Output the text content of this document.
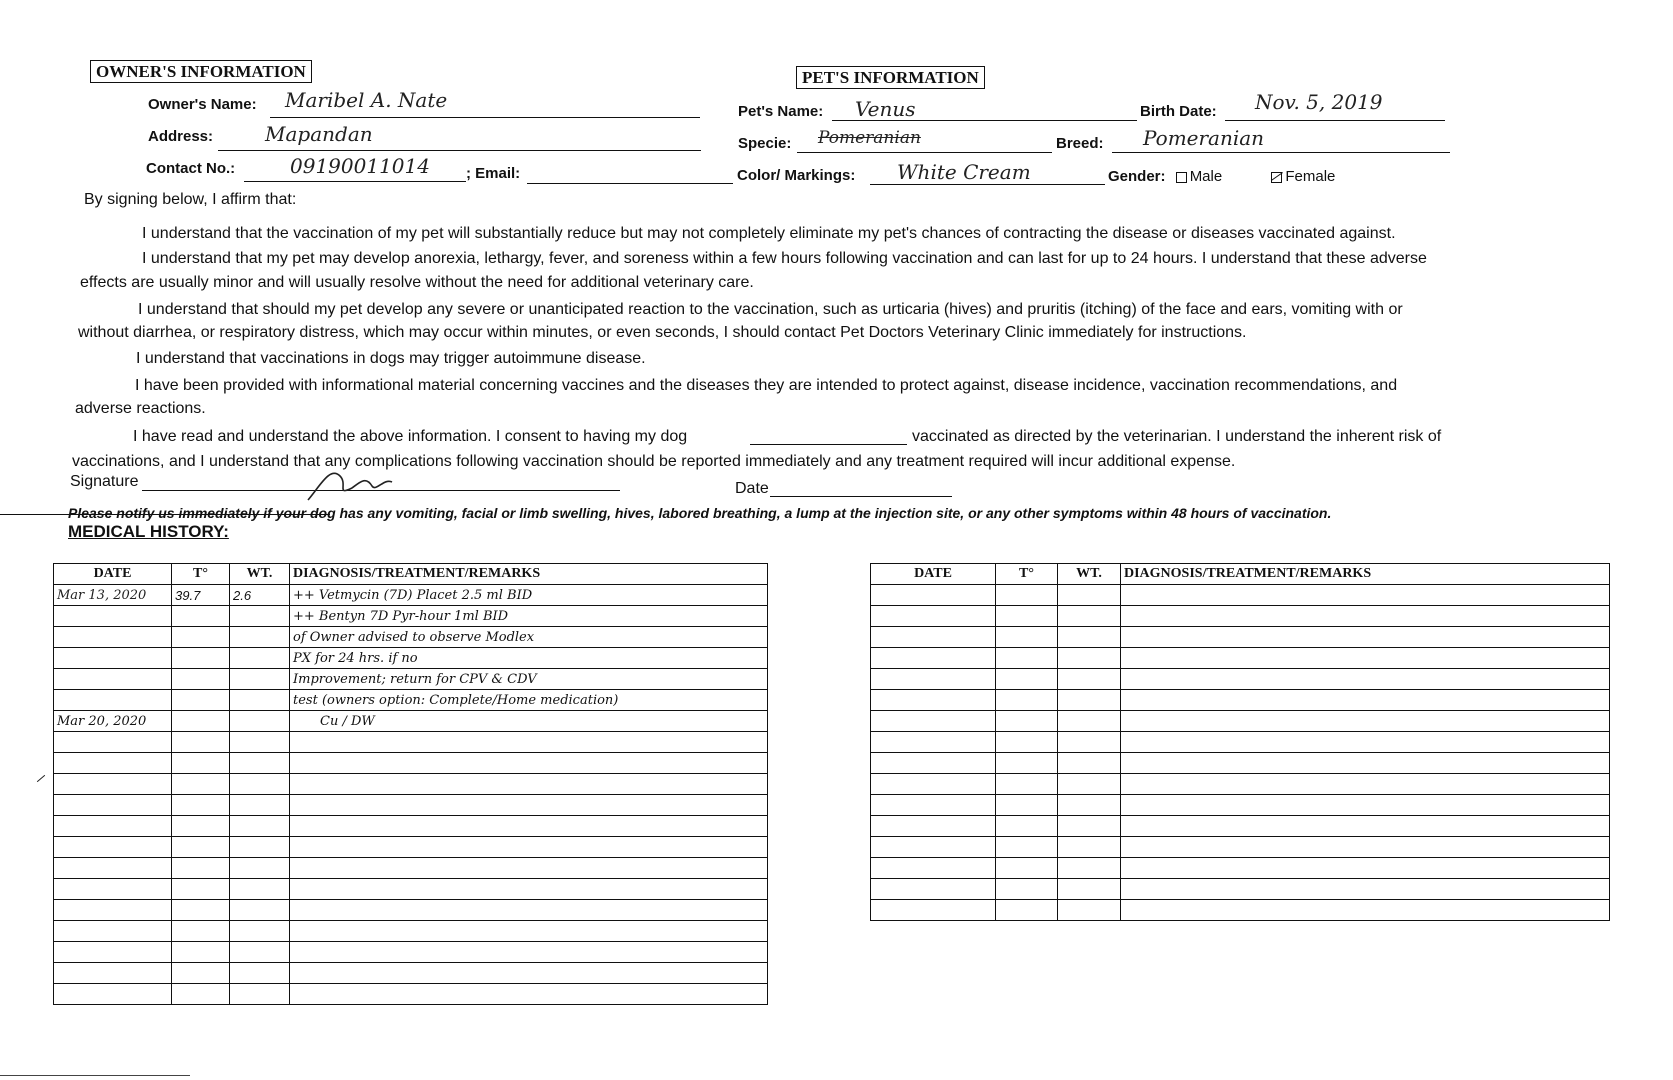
OWNER'S INFORMATION
Owner's Name: Maribel A. Nate
Address:	Mapandan
Contact No.:	09190011014 ; Email:
PET'S INFORMATION
Pet's Name: Venus	Birth Date: Nov. 5, 2019
Specie: Pomeranian	Breed: Pomeranian
Color/ Markings: White Cream	Gender: Male	Female
By signing below, I affirm that:
I understand that the vaccination of my pet will substantially reduce but may not completely eliminate my pet's chances of contracting the disease or diseases vaccinated against.
I understand that my pet may develop anorexia, lethargy, fever, and soreness within a few hours following vaccination and can last for up to 24 hours. I understand that these adverse
effects are usually minor and will usually resolve without the need for additional veterinary care.
I understand that should my pet develop any severe or unanticipated reaction to the vaccination, such as urticaria (hives) and pruritis (itching) of the face and ears, vomiting with or
without diarrhea, or respiratory distress, which may occur within minutes, or even seconds, I should contact Pet Doctors Veterinary Clinic immediately for instructions.
I understand that vaccinations in dogs may trigger autoimmune disease.
I have been provided with informational material concerning vaccines and the diseases they are intended to protect against, disease incidence, vaccination recommendations, and
adverse reactions.
I have read and understand the above information. I consent to having my dog	vaccinated as directed by the veterinarian. I understand the inherent risk of
vaccinations, and I understand that any complications following vaccination should be reported immediately and any treatment required will incur additional expense.
Signature	Date
Please notify us immediately if your dog has any vomiting, facial or limb swelling, hives, labored breathing, a lump at the injection site, or any other symptoms within 48 hours of vaccination.
MEDICAL HISTORY:
DATE	T°	WT.	DIAGNOSIS/TREATMENT/REMARKS
Mar 13, 2020	39.7	2.6	++ Vetmycin (7D) Placet 2.5 ml BID
			++ Bentyn 7D Pyr-hour 1ml BID
			of Owner advised to observe Modlex
			PX for 24 hrs. if no
			Improvement; return for CPV & CDV
			test (owners option: Complete/Home medication)
Mar 20, 2020			Cu / DW

DATE	T°	WT.	DIAGNOSIS/TREATMENT/REMARKS
